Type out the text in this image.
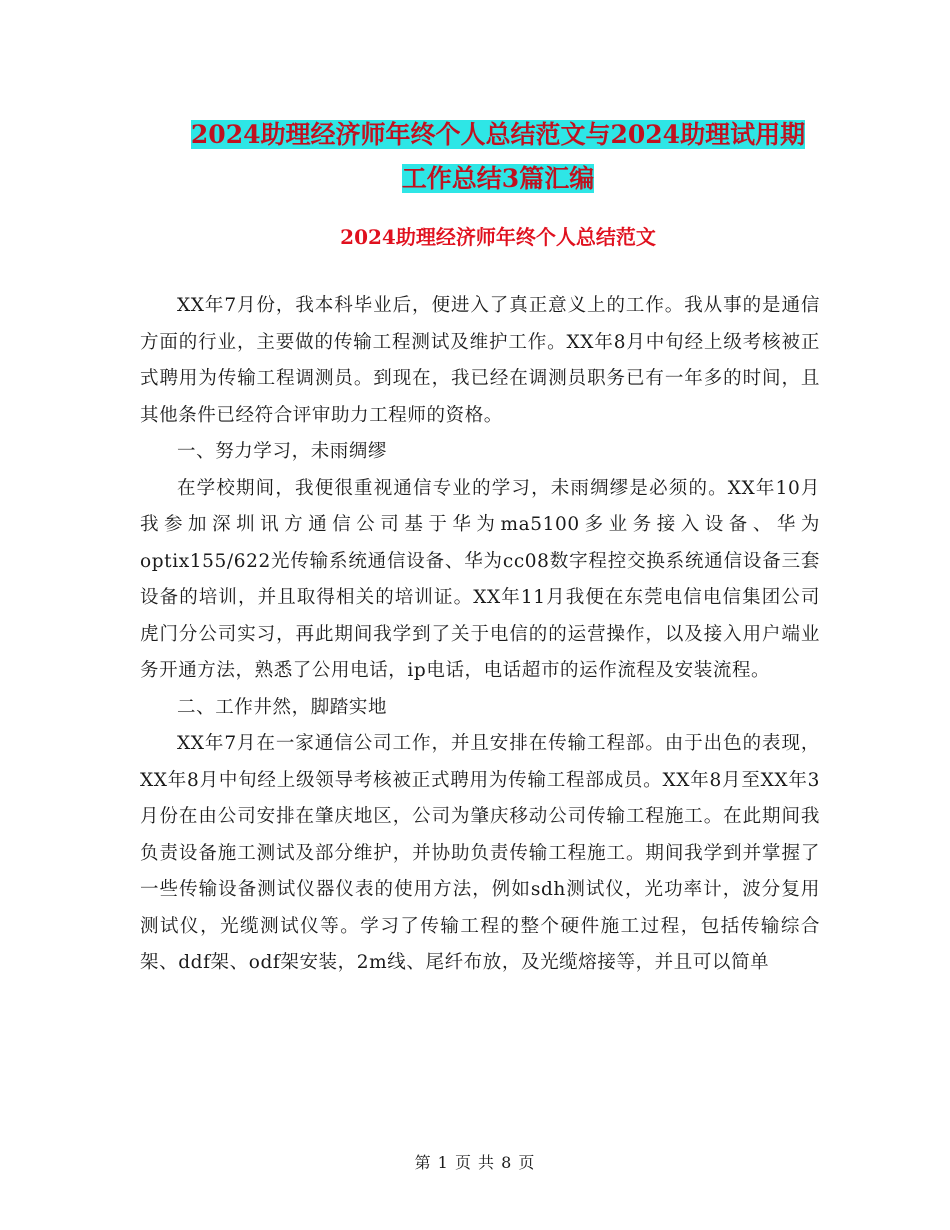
2024助理经济师年终个人总结范文与2024助理试用期
工作总结3篇汇编
2024助理经济师年终个人总结范文

XX年7月份，我本科毕业后，便进入了真正意义上的工作。我从事的是通信方面的行业，主要做的传输工程测试及维护工作。XX年8月中旬经上级考核被正式聘用为传输工程调测员。到现在，我已经在调测员职务已有一年多的时间，且其他条件已经符合评审助力工程师的资格。

一、努力学习，未雨绸缪

在学校期间，我便很重视通信专业的学习，未雨绸缪是必须的。XX年10月我参加深圳讯方通信公司基于华为ma5100多业务接入设备、华为optix155/622光传输系统通信设备、华为cc08数字程控交换系统通信设备三套设备的培训，并且取得相关的培训证。XX年11月我便在东莞电信电信集团公司虎门分公司实习，再此期间我学到了关于电信的的运营操作，以及接入用户端业务开通方法，熟悉了公用电话，ip电话，电话超市的运作流程及安装流程。

二、工作井然，脚踏实地

XX年7月在一家通信公司工作，并且安排在传输工程部。由于出色的表现，XX年8月中旬经上级领导考核被正式聘用为传输工程部成员。XX年8月至XX年3月份在由公司安排在肇庆地区，公司为肇庆移动公司传输工程施工。在此期间我负责设备施工测试及部分维护，并协助负责传输工程施工。期间我学到并掌握了一些传输设备测试仪器仪表的使用方法，例如sdh测试仪，光功率计，波分复用测试仪，光缆测试仪等。学习了传输工程的整个硬件施工过程，包括传输综合架、ddf架、odf架安装，2m线、尾纤布放，及光缆熔接等，并且可以简单

第 1 页 共 8 页
